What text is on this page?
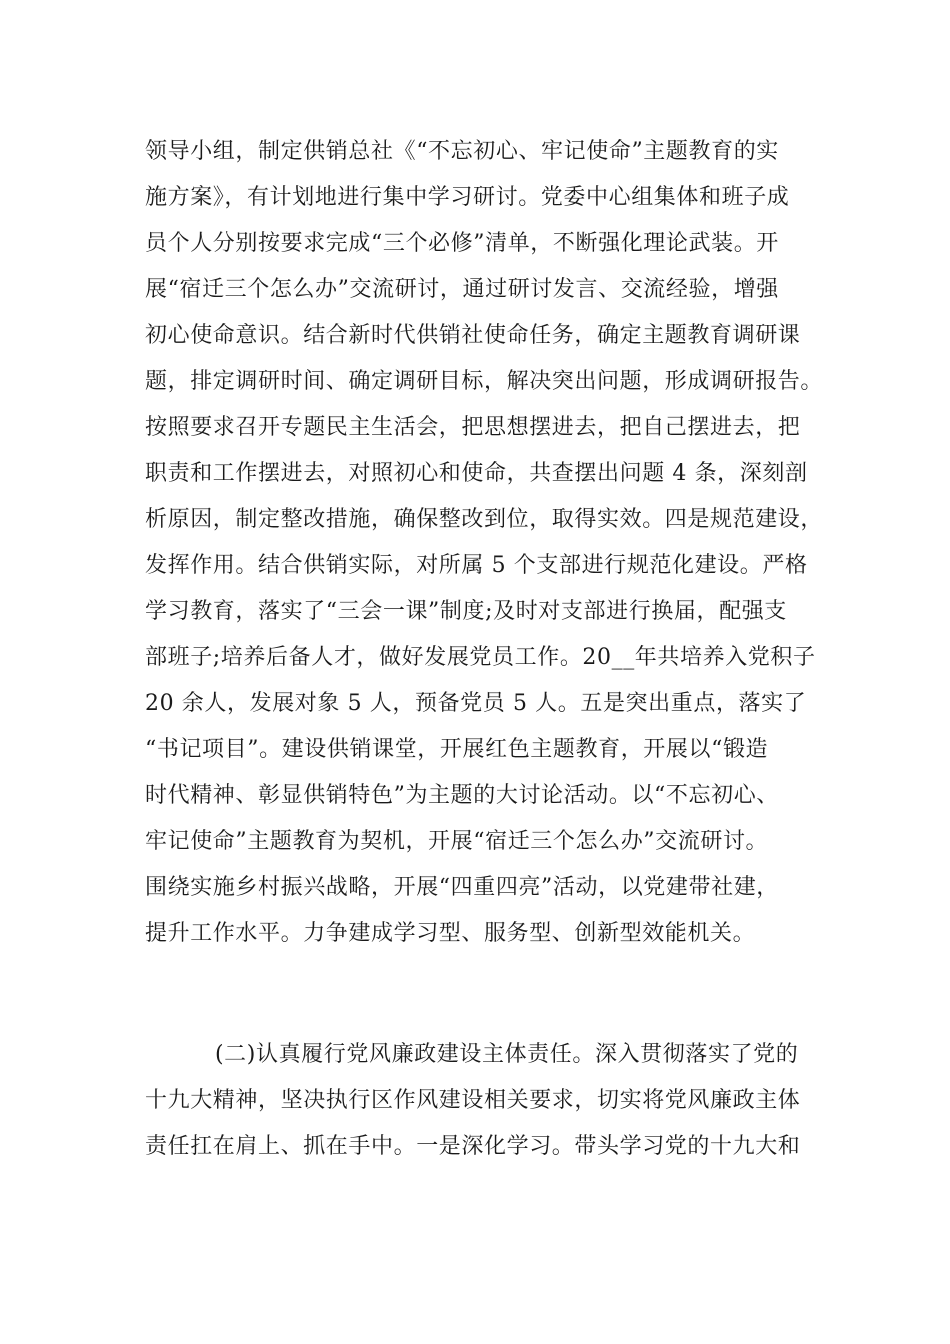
领导小组，制定供销总社《“不忘初心、牢记使命”主题教育的实
施方案》，有计划地进行集中学习研讨。党委中心组集体和班子成
员个人分别按要求完成“三个必修”清单，不断强化理论武装。开
展“宿迁三个怎么办”交流研讨，通过研讨发言、交流经验，增强
初心使命意识。结合新时代供销社使命任务，确定主题教育调研课
题，排定调研时间、确定调研目标，解决突出问题，形成调研报告。
按照要求召开专题民主生活会，把思想摆进去，把自己摆进去，把
职责和工作摆进去，对照初心和使命，共查摆出问题 4 条，深刻剖
析原因，制定整改措施，确保整改到位，取得实效。四是规范建设，
发挥作用。结合供销实际，对所属 5 个支部进行规范化建设。严格
学习教育，落实了“三会一课”制度;及时对支部进行换届，配强支
部班子;培养后备人才，做好发展党员工作。20__年共培养入党积子
20 余人，发展对象 5 人，预备党员 5 人。五是突出重点，落实了
“书记项目”。建设供销课堂，开展红色主题教育，开展以“锻造
时代精神、彰显供销特色”为主题的大讨论活动。以“不忘初心、
牢记使命”主题教育为契机，开展“宿迁三个怎么办”交流研讨。
围绕实施乡村振兴战略，开展“四重四亮”活动，以党建带社建，
提升工作水平。力争建成学习型、服务型、创新型效能机关。
(二)认真履行党风廉政建设主体责任。深入贯彻落实了党的
十九大精神，坚决执行区作风建设相关要求，切实将党风廉政主体
责任扛在肩上、抓在手中。一是深化学习。带头学习党的十九大和
